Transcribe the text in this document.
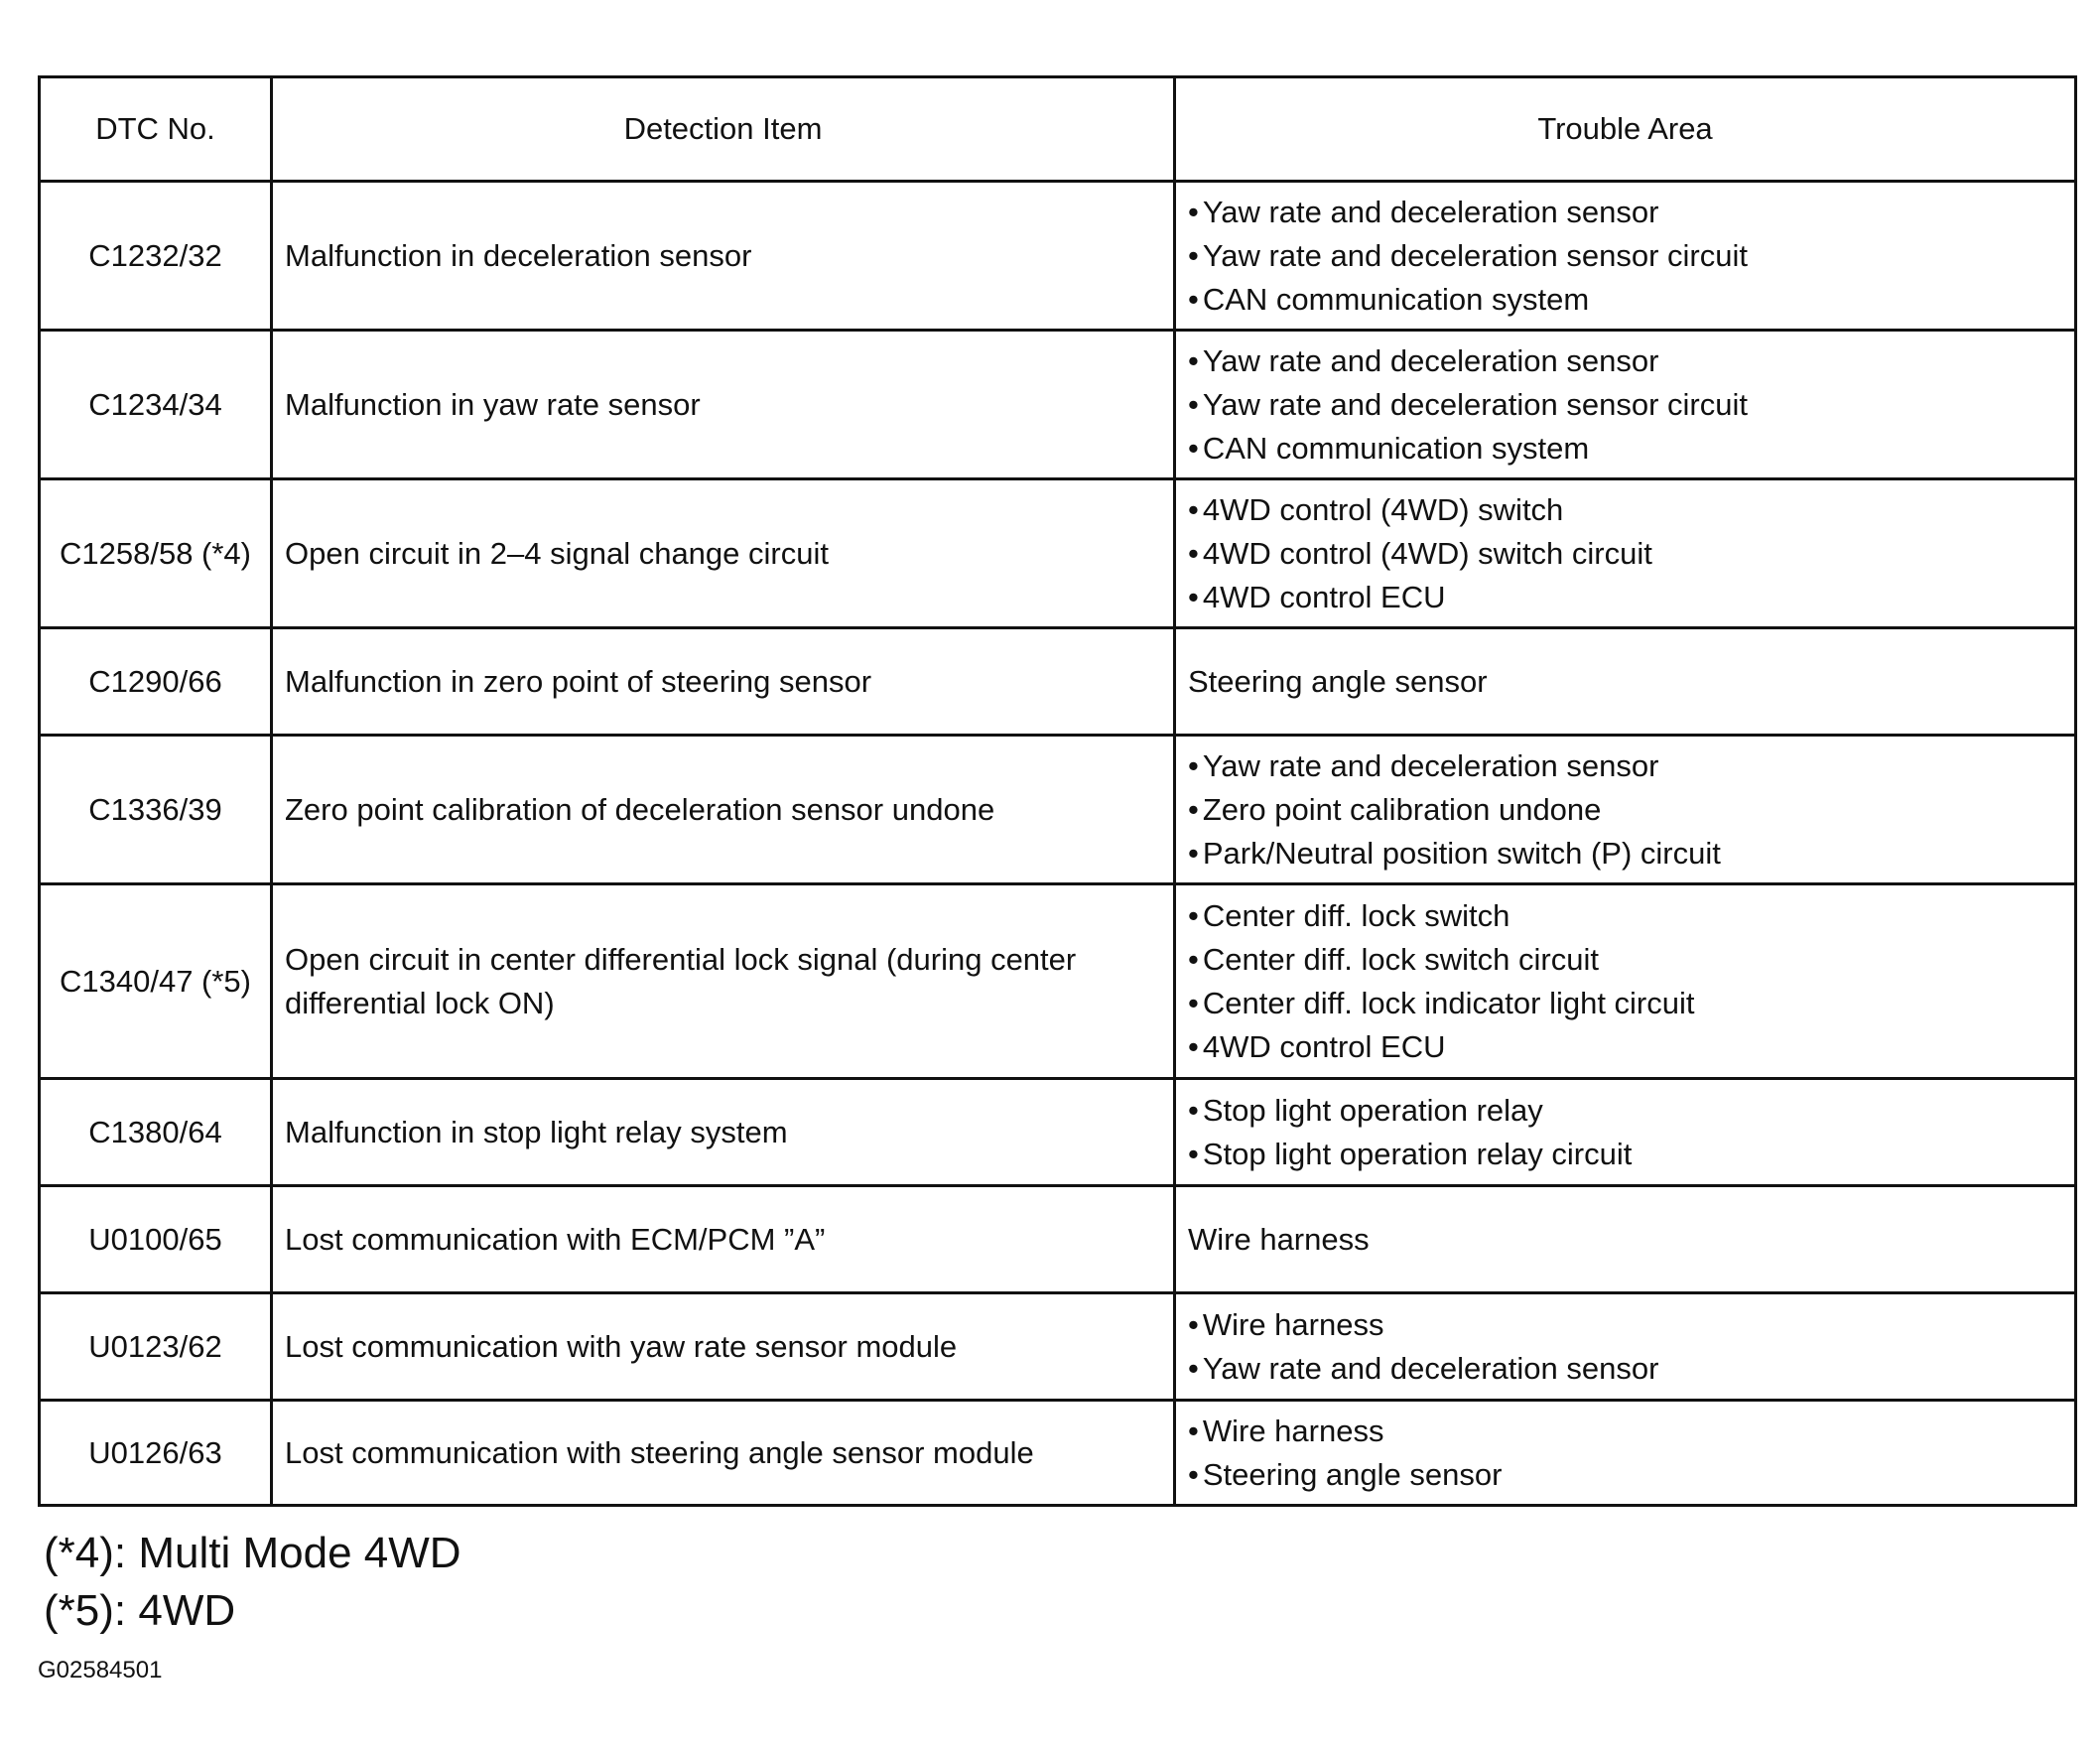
DTC No.	Detection Item	Trouble Area
C1232/32	Malfunction in deceleration sensor	• Yaw rate and deceleration sensor
• Yaw rate and deceleration sensor circuit
• CAN communication system

C1234/34	Malfunction in yaw rate sensor	• Yaw rate and deceleration sensor
• Yaw rate and deceleration sensor circuit
• CAN communication system

C1258/58 (*4)	Open circuit in 2–4 signal change circuit	• 4WD control (4WD) switch
• 4WD control (4WD) switch circuit
• 4WD control ECU

C1290/66	Malfunction in zero point of steering sensor	Steering angle sensor

C1336/39	Zero point calibration of deceleration sensor undone	• Yaw rate and deceleration sensor
• Zero point calibration undone
• Park/Neutral position switch (P) circuit

C1340/47 (*5)	Open circuit in center differential lock signal (during center differential lock ON)	• Center diff. lock switch
• Center diff. lock switch circuit
• Center diff. lock indicator light circuit
• 4WD control ECU

C1380/64	Malfunction in stop light relay system	• Stop light operation relay
• Stop light operation relay circuit

U0100/65	Lost communication with ECM/PCM ”A”	Wire harness

U0123/62	Lost communication with yaw rate sensor module	• Wire harness
• Yaw rate and deceleration sensor

U0126/63	Lost communication with steering angle sensor module	• Wire harness
• Steering angle sensor
(*4): Multi Mode 4WD
(*5): 4WD
G02584501
